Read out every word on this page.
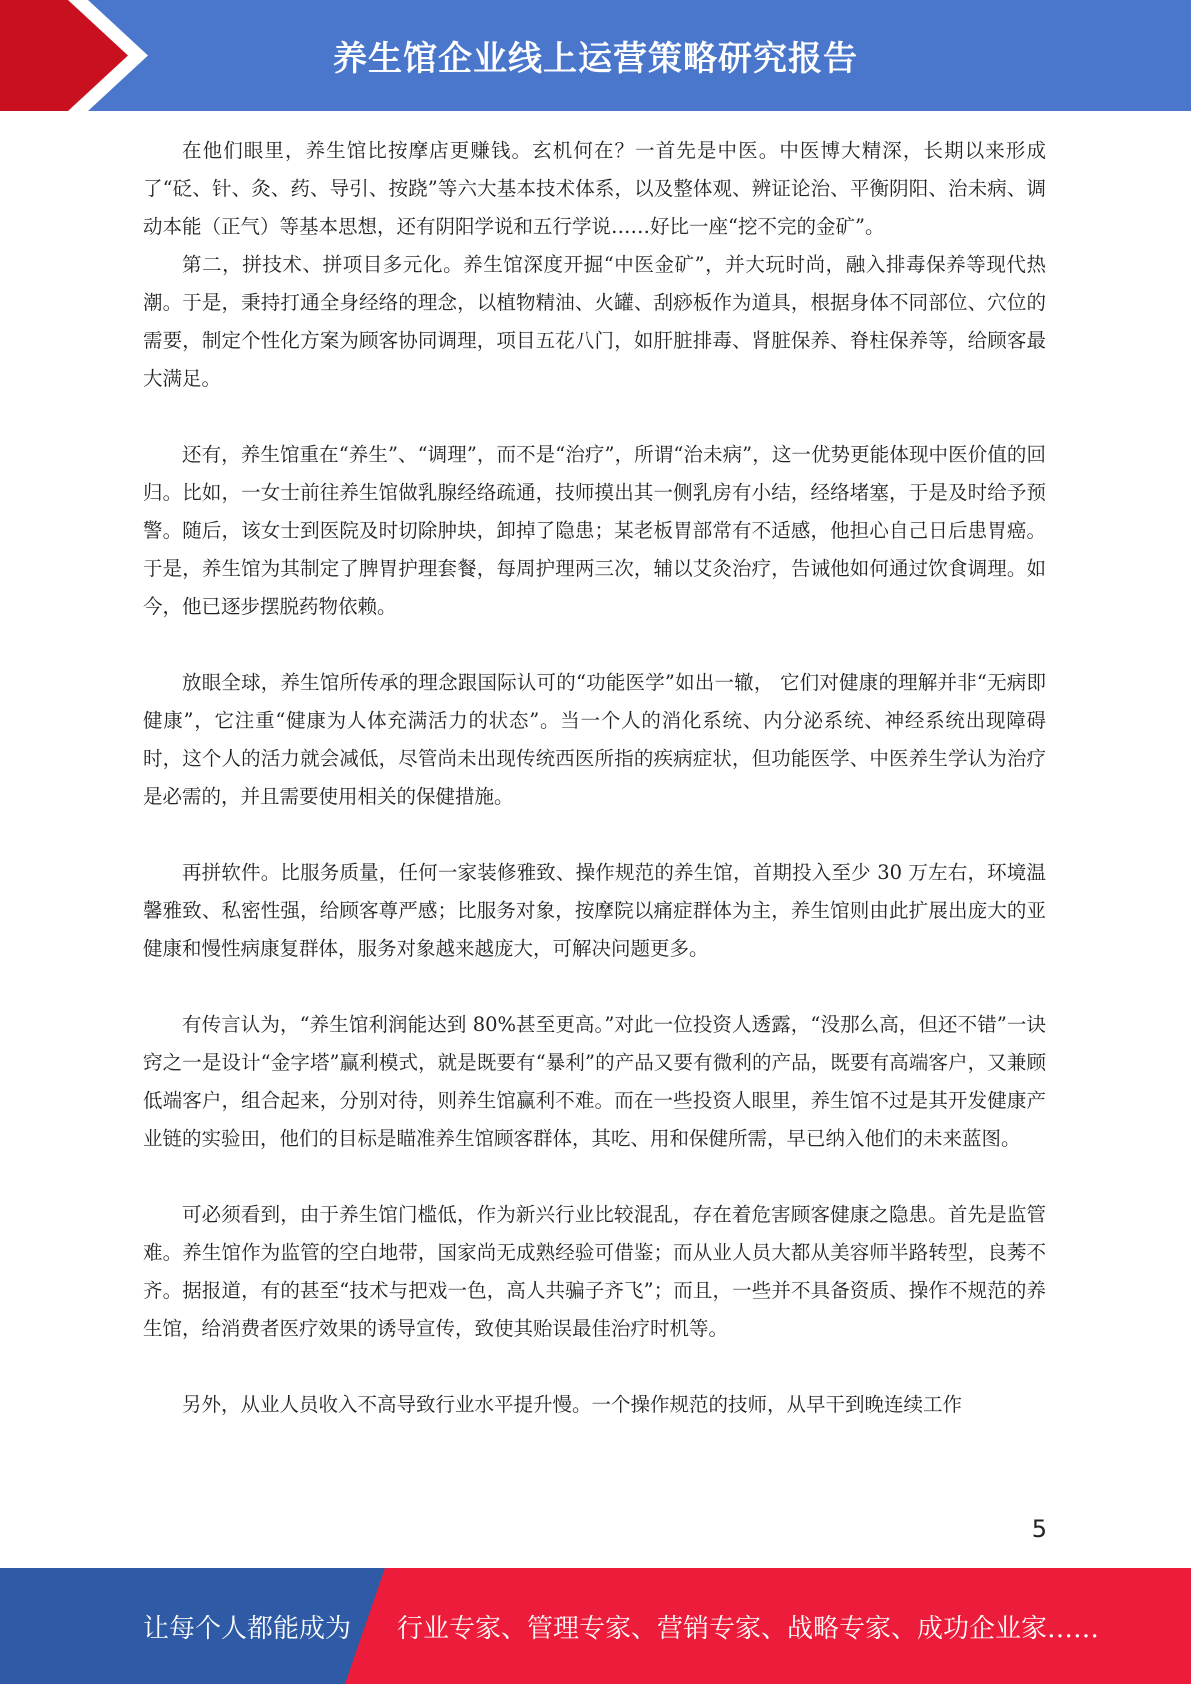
养生馆企业线上运营策略研究报告

在他们眼里，养生馆比按摩店更赚钱。玄机何在？一首先是中医。中医博大精深，长期以来形成了“砭、针、灸、药、导引、按跷”等六大基本技术体系，以及整体观、辨证论治、平衡阴阳、治未病、调动本能（正气）等基本思想，还有阴阳学说和五行学说……好比一座“挖不完的金矿”。

第二，拼技术、拼项目多元化。养生馆深度开掘“中医金矿”，并大玩时尚，融入排毒保养等现代热潮。于是，秉持打通全身经络的理念，以植物精油、火罐、刮痧板作为道具，根据身体不同部位、穴位的需要，制定个性化方案为顾客协同调理，项目五花八门，如肝脏排毒、肾脏保养、脊柱保养等，给顾客最大满足。

还有，养生馆重在“养生”、“调理”，而不是“治疗”，所谓“治未病”，这一优势更能体现中医价值的回归。比如，一女士前往养生馆做乳腺经络疏通，技师摸出其一侧乳房有小结，经络堵塞，于是及时给予预警。随后，该女士到医院及时切除肿块，卸掉了隐患；某老板胃部常有不适感，他担心自己日后患胃癌。于是，养生馆为其制定了脾胃护理套餐，每周护理两三次，辅以艾灸治疗，告诫他如何通过饮食调理。如今，他已逐步摆脱药物依赖。

放眼全球，养生馆所传承的理念跟国际认可的“功能医学”如出一辙， 它们对健康的理解并非“无病即健康”，它注重“健康为人体充满活力的状态”。当一个人的消化系统、内分泌系统、神经系统出现障碍时，这个人的活力就会减低，尽管尚未出现传统西医所指的疾病症状，但功能医学、中医养生学认为治疗是必需的，并且需要使用相关的保健措施。

再拼软件。比服务质量，任何一家装修雅致、操作规范的养生馆，首期投入至少 30 万左右，环境温馨雅致、私密性强，给顾客尊严感；比服务对象，按摩院以痛症群体为主，养生馆则由此扩展出庞大的亚健康和慢性病康复群体，服务对象越来越庞大，可解决问题更多。

有传言认为，“养生馆利润能达到 80%甚至更高。”对此一位投资人透露，“没那么高，但还不错”一诀窍之一是设计“金字塔”赢利模式，就是既要有“暴利”的产品又要有微利的产品，既要有高端客户，又兼顾低端客户，组合起来，分别对待，则养生馆赢利不难。而在一些投资人眼里，养生馆不过是其开发健康产业链的实验田，他们的目标是瞄准养生馆顾客群体，其吃、用和保健所需，早已纳入他们的未来蓝图。

可必须看到，由于养生馆门槛低，作为新兴行业比较混乱，存在着危害顾客健康之隐患。首先是监管难。养生馆作为监管的空白地带，国家尚无成熟经验可借鉴；而从业人员大都从美容师半路转型，良莠不齐。据报道，有的甚至“技术与把戏一色，高人共骗子齐飞”；而且，一些并不具备资质、操作不规范的养生馆，给消费者医疗效果的诱导宣传，致使其贻误最佳治疗时机等。

另外，从业人员收入不高导致行业水平提升慢。一个操作规范的技师，从早干到晚连续工作

5
让每个人都能成为 行业专家、管理专家、营销专家、战略专家、成功企业家……
